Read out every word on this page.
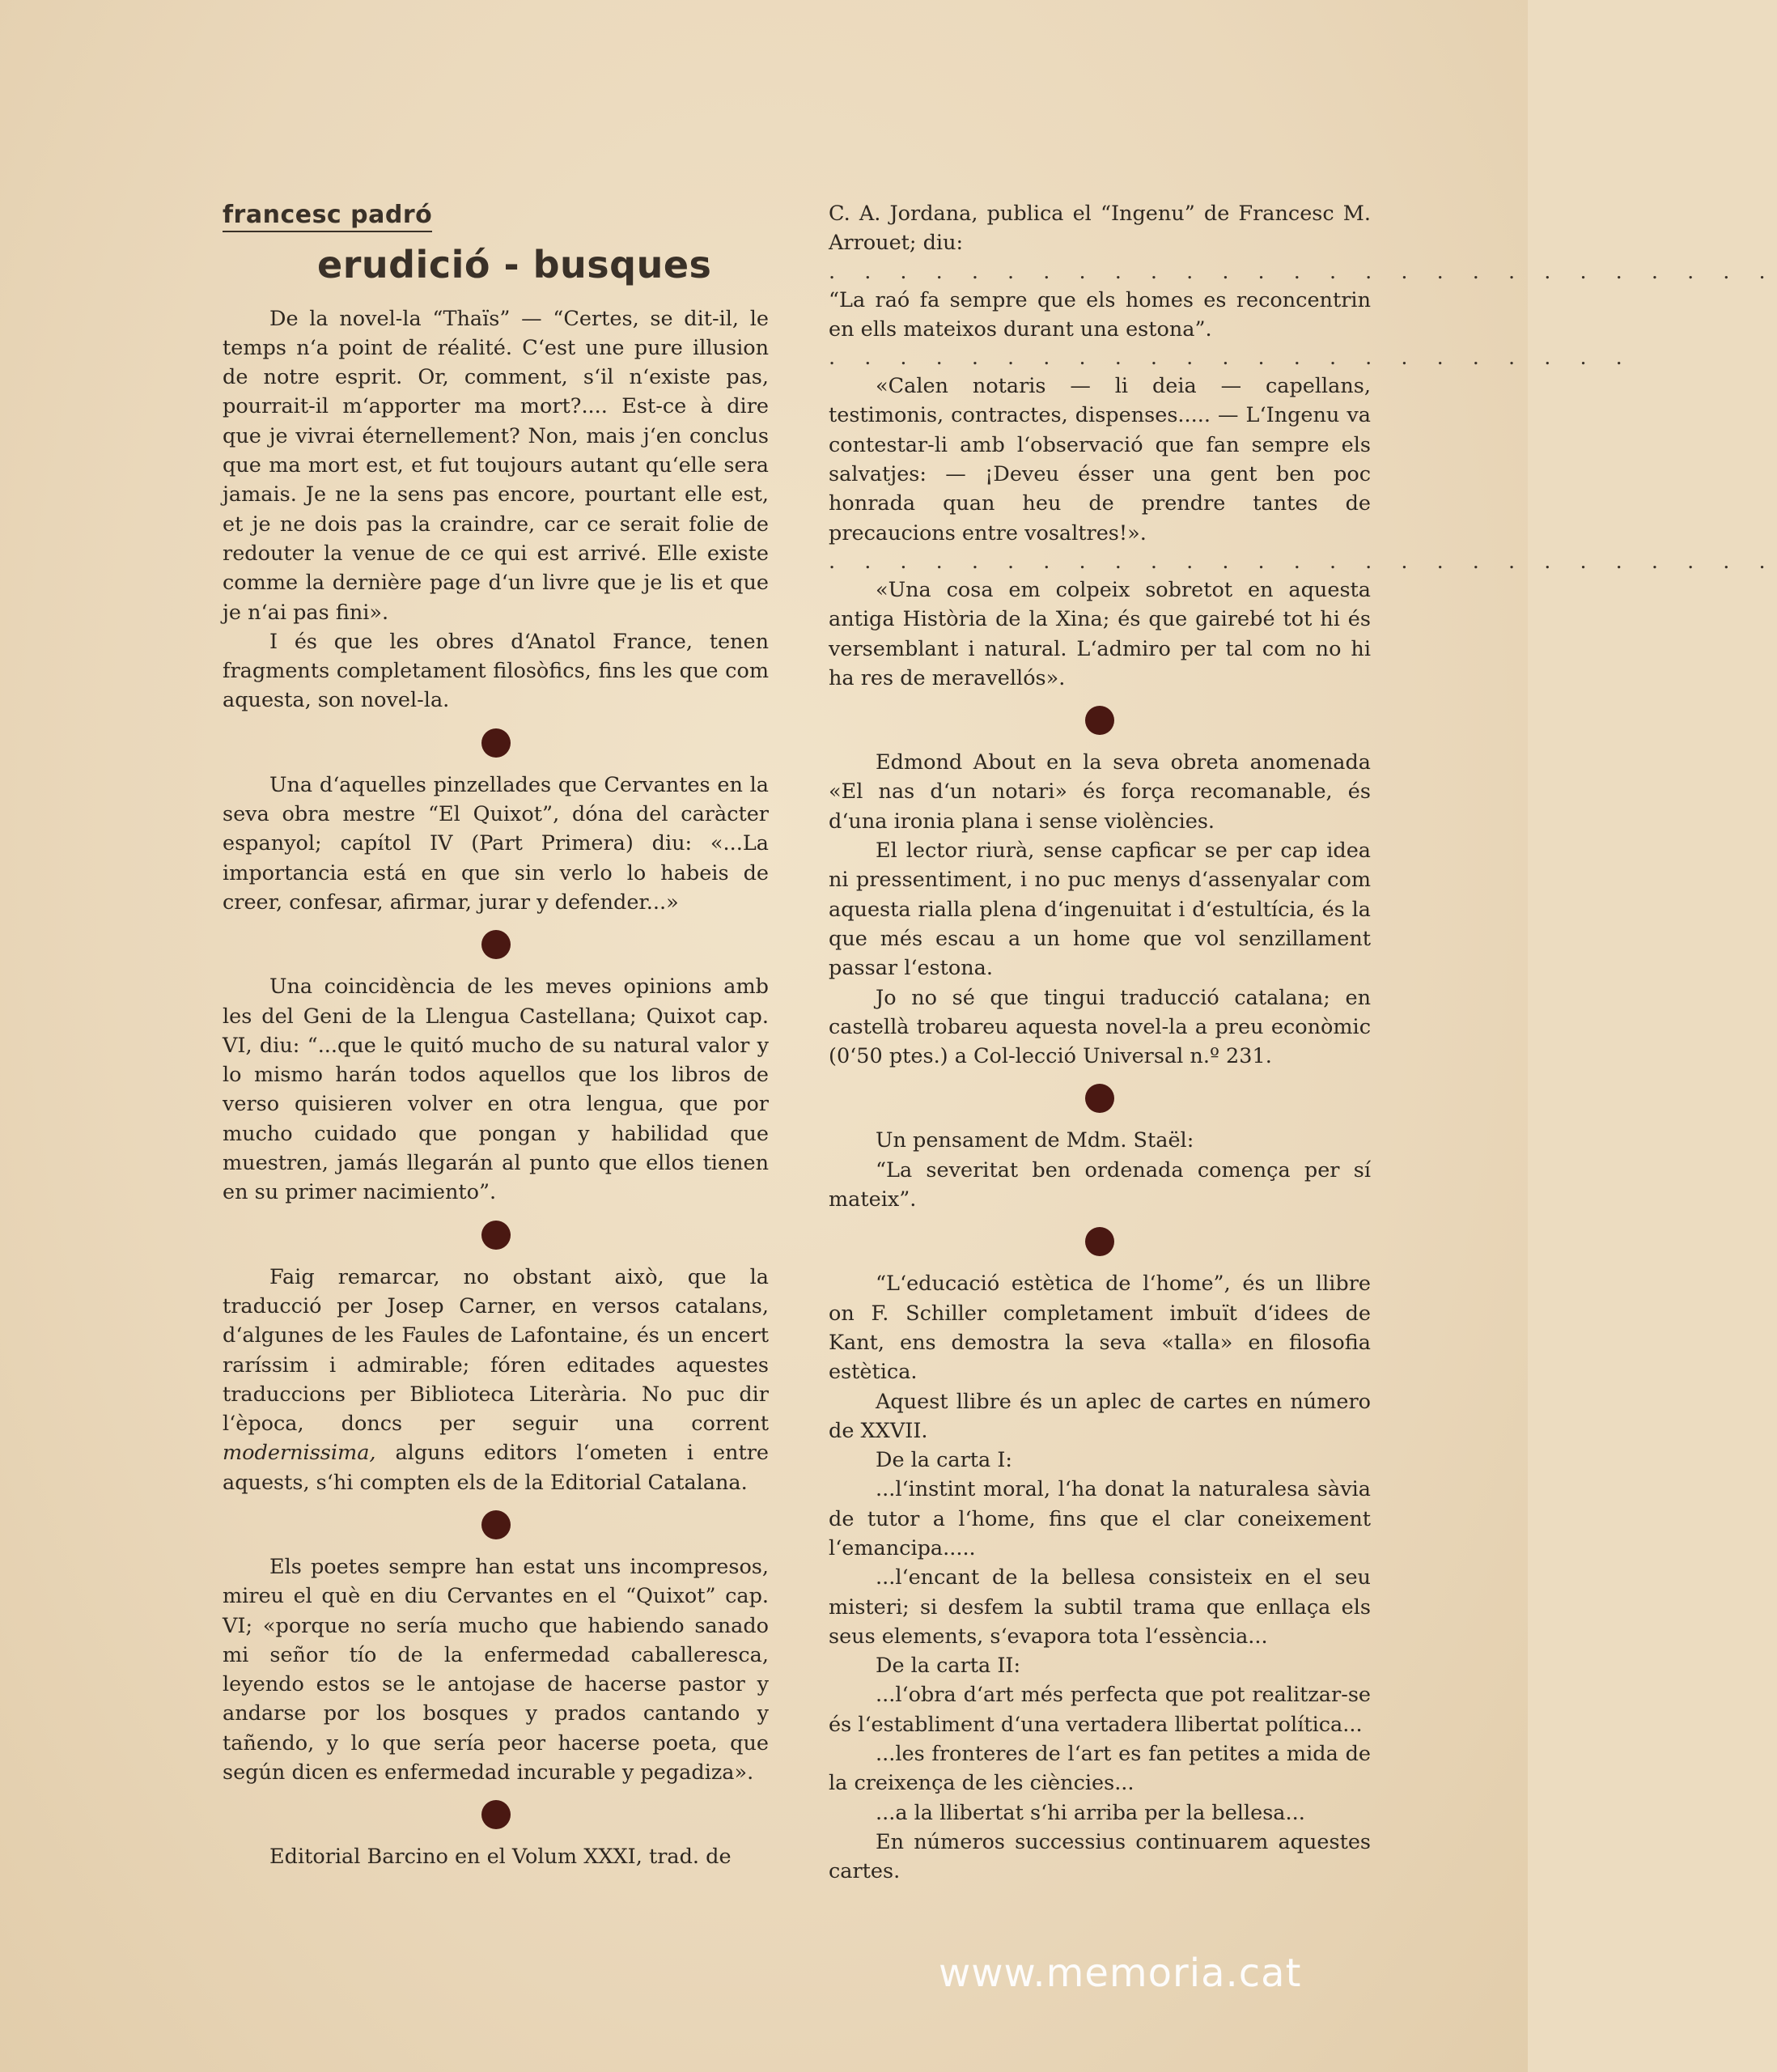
francesc padró
erudició - busques

De la novel-la “Thaïs” — “Certes, se dit-il, le temps n‘a point de réalité. C‘est une pure illusion de notre esprit. Or, comment, s‘il n‘existe pas, pourrait-il m‘apporter ma mort?.... Est-ce à dire que je vivrai éternellement? Non, mais j‘en conclus que ma mort est, et fut toujours autant qu‘elle sera jamais. Je ne la sens pas encore, pourtant elle est, et je ne dois pas la craindre, car ce serait folie de redouter la venue de ce qui est arrivé. Elle existe comme la dernière page d‘un livre que je lis et que je n‘ai pas fini».

I és que les obres d‘Anatol France, tenen fragments completament filosòfics, fins les que com aquesta, son novel-la.

Una d‘aquelles pinzellades que Cervantes en la seva obra mestre “El Quixot”, dóna del caràcter espanyol; capítol IV (Part Primera) diu: «...La importancia está en que sin verlo lo habeis de creer, confesar, afirmar, jurar y defender...»

Una coincidència de les meves opinions amb les del Geni de la Llengua Castellana; Quixot cap. VI, diu: “...que le quitó mucho de su natural valor y lo mismo harán todos aquellos que los libros de verso quisieren volver en otra lengua, que por mucho cuidado que pongan y habilidad que muestren, jamás llegarán al punto que ellos tienen en su primer nacimiento”.

Faig remarcar, no obstant això, que la traducció per Josep Carner, en versos catalans, d‘algunes de les Faules de Lafontaine, és un encert raríssim i admirable; fóren editades aquestes traduccions per Biblioteca Literària. No puc dir l‘època, doncs per seguir una corrent modernissima, alguns editors l‘ometen i entre aquests, s‘hi compten els de la Editorial Catalana.

Els poetes sempre han estat uns incompresos, mireu el què en diu Cervantes en el “Quixot” cap. VI; «porque no sería mucho que habiendo sanado mi señor tío de la enfermedad caballeresca, leyendo estos se le antojase de hacerse pastor y andarse por los bosques y prados cantando y tañendo, y lo que sería peor hacerse poeta, que según dicen es enfermedad incurable y pegadiza».

Editorial Barcino en el Volum XXXI, trad. de

C. A. Jordana, publica el “Ingenu” de Francesc M. Arrouet; diu:

. . . . . . . . . . . . . . . . . . . . . . . . . . .

“La raó fa sempre que els homes es reconcentrin en ells mateixos durant una estona”.

. . . . . . . . . . . . . . . . . . . . . . .

«Calen notaris — li deia — capellans, testimonis, contractes, dispenses..... — L‘Ingenu va contestar-li amb l‘observació que fan sempre els salvatjes: — ¡Deveu ésser una gent ben poc honrada quan heu de prendre tantes de precaucions entre vosaltres!».

. . . . . . . . . . . . . . . . . . . . . . . . . . .

«Una cosa em colpeix sobretot en aquesta antiga Història de la Xina; és que gairebé tot hi és versemblant i natural. L‘admiro per tal com no hi ha res de meravellós».

Edmond About en la seva obreta anomenada «El nas d‘un notari» és força recomanable, és d‘una ironia plana i sense violències.

El lector riurà, sense capficar se per cap idea ni pressentiment, i no puc menys d‘assenyalar com aquesta rialla plena d‘ingenuitat i d‘estultícia, és la que més escau a un home que vol senzillament passar l‘estona.

Jo no sé que tingui traducció catalana; en castellà trobareu aquesta novel-la a preu econòmic (0‘50 ptes.) a Col-lecció Universal n.º 231.

Un pensament de Mdm. Staël:

“La severitat ben ordenada comença per sí mateix”.

“L‘educació estètica de l‘home”, és un llibre on F. Schiller completament imbuït d‘idees de Kant, ens demostra la seva «talla» en filosofia estètica.

Aquest llibre és un aplec de cartes en número de XXVII.

De la carta I:

...l‘instint moral, l‘ha donat la naturalesa sàvia de tutor a l‘home, fins que el clar coneixement l‘emancipa.....

...l‘encant de la bellesa consisteix en el seu misteri; si desfem la subtil trama que enllaça els seus elements, s‘evapora tota l‘essència...

De la carta II:

...l‘obra d‘art més perfecta que pot realitzar-se és l‘establiment d‘una vertadera llibertat política...

...les fronteres de l‘art es fan petites a mida de la creixença de les ciències...

...a la llibertat s‘hi arriba per la bellesa...

En números successius continuarem aquestes cartes.

www.memoria.cat
